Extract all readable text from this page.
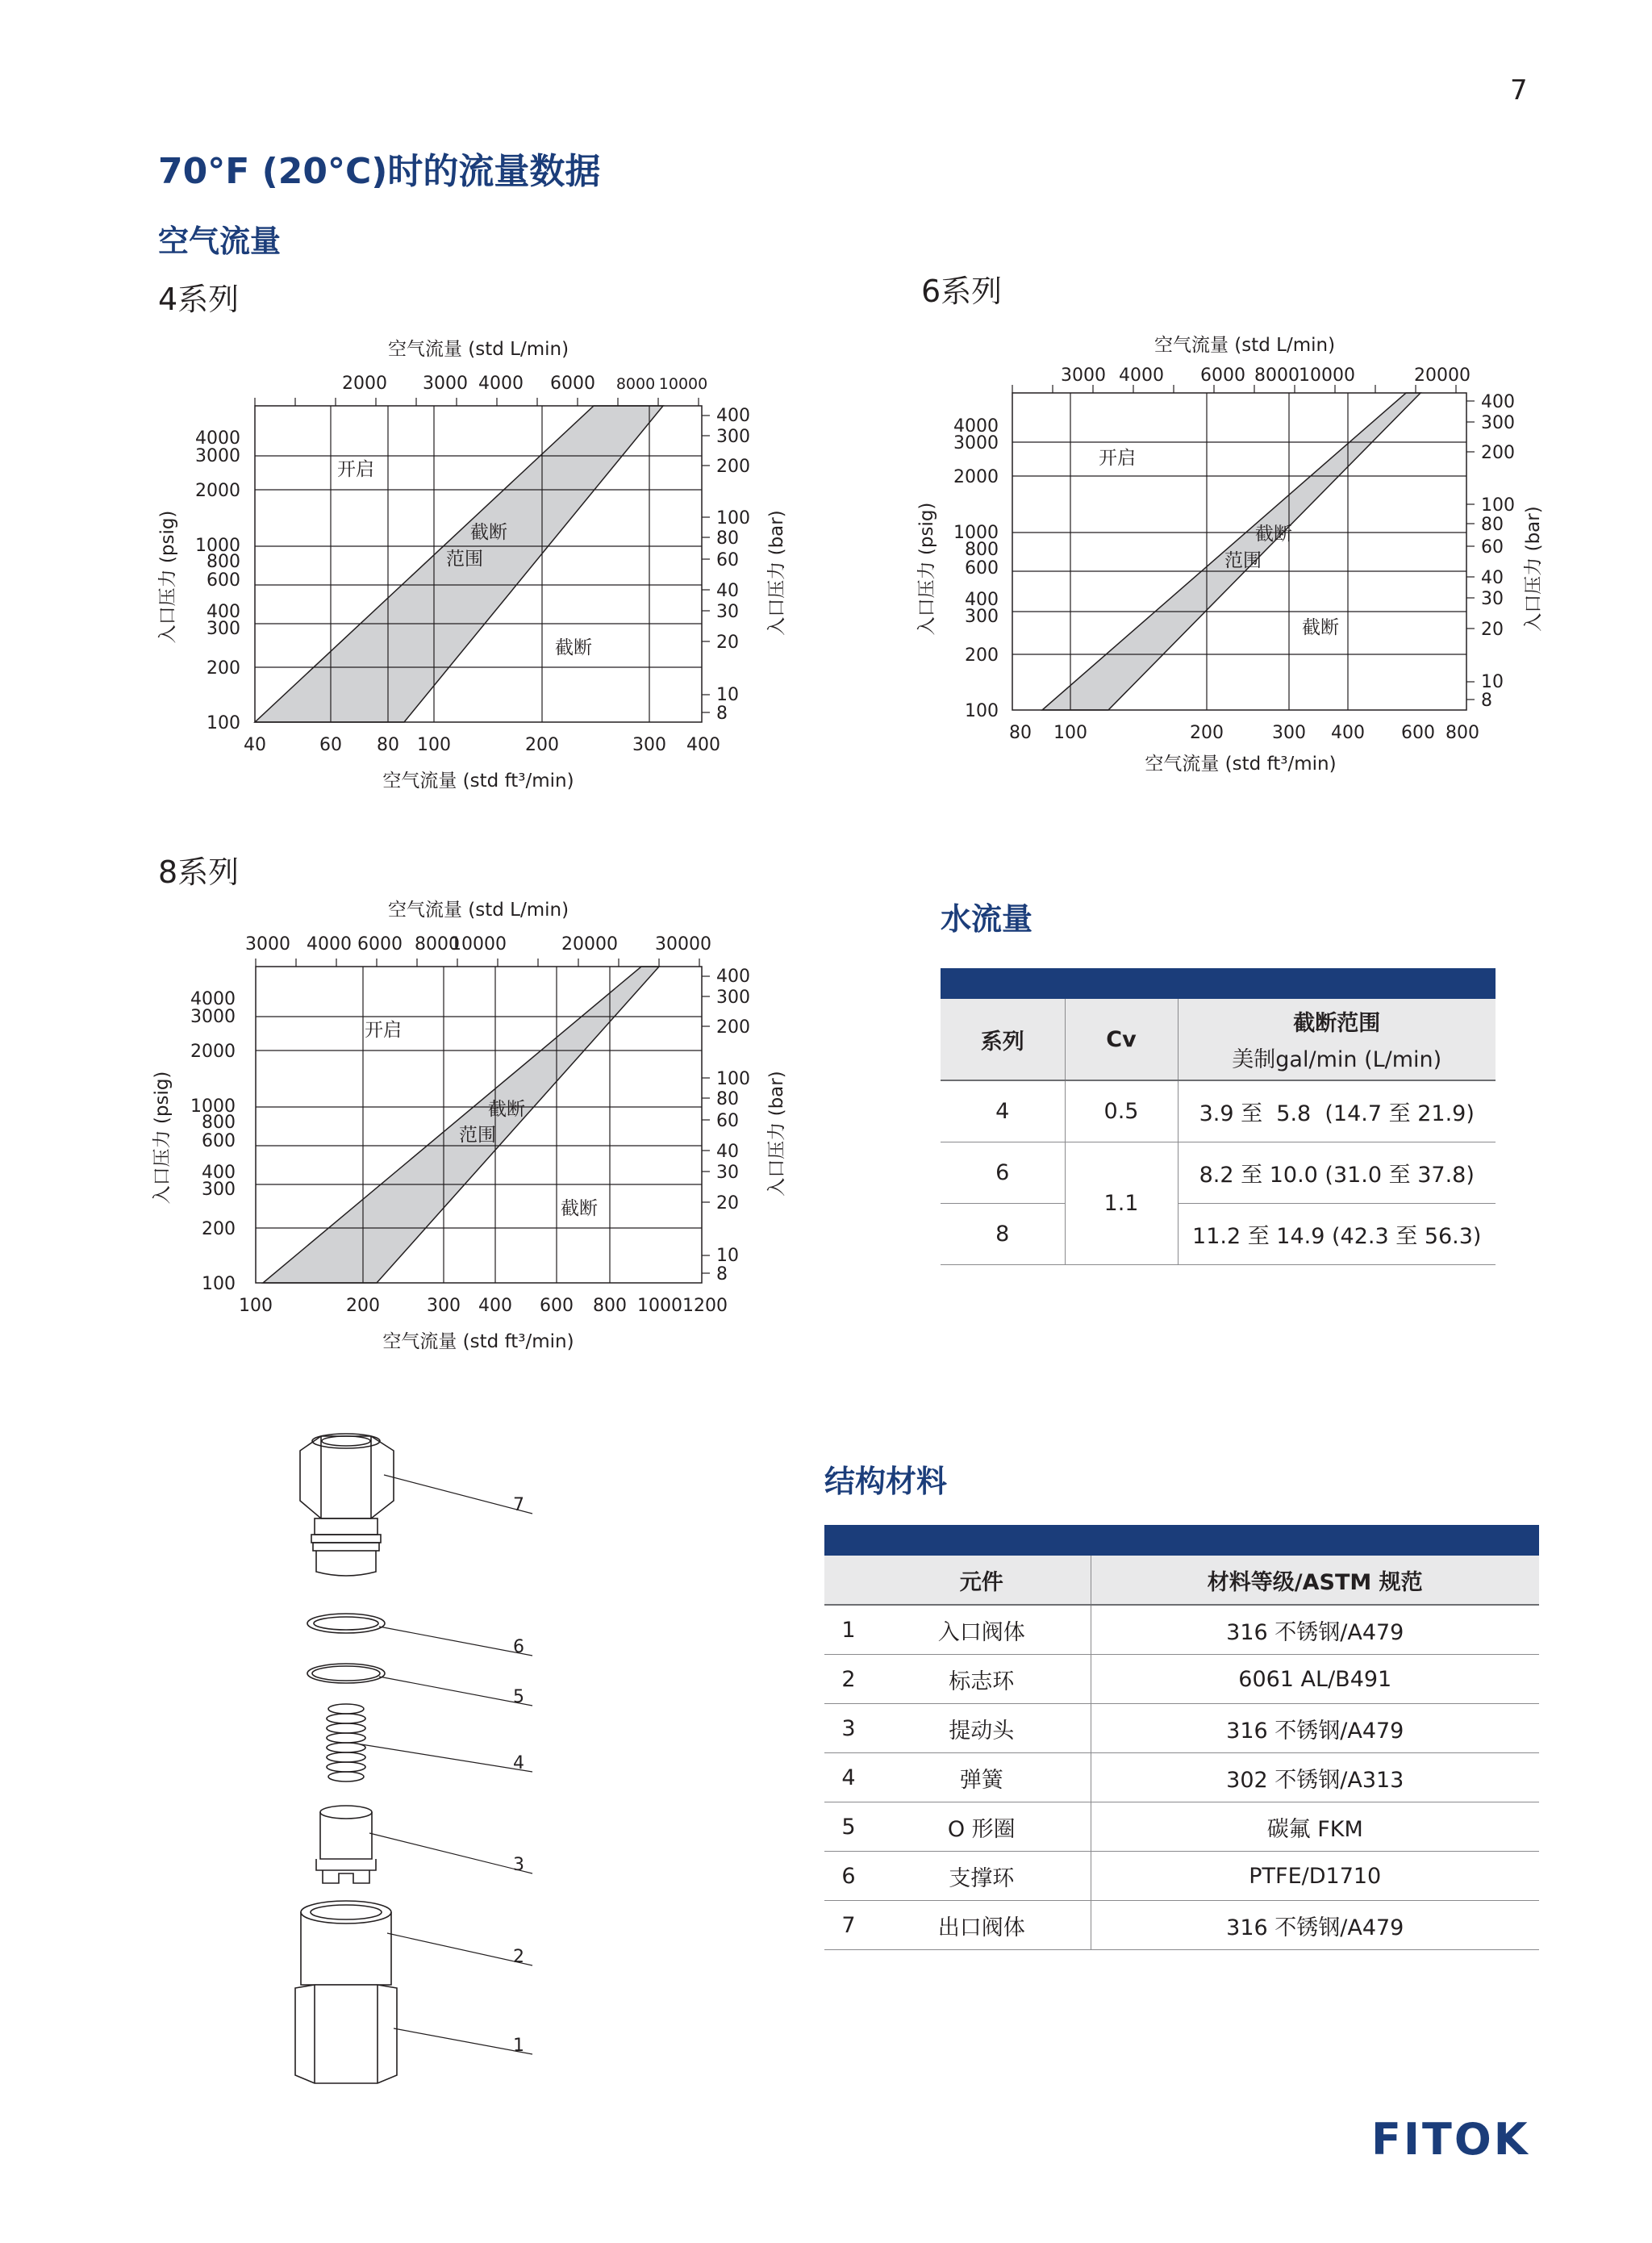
7
70°F (20°C)时的流量数据
空气流量
4系列	6系列
8系列
空气流量 (std L/min)
2000 3000 4000 6000 8000 10000
40	60 80 100	200	300 400
空气流量 (std ft³/min)
100
200
300
400
600
800
1000
2000
3000
4000
8
10
20
30
40
60
80
100
200
300
400
入口压力 (psig)	入口压力 (bar)
开启
截断
范围
截断
空气流量 (std L/min)
3000 4000 6000 8000 10000	20000
80 100	200	300 400 600 800
空气流量 (std ft³/min)
100
200
300
400
600
800
1000
2000
3000
4000
8
10
20
30
40
60
80
100
200
300
400
入口压力 (psig)	入口压力 (bar)
开启
截断
范围
截断
空气流量 (std L/min)
3000 4000 6000 8000
10000	20000 30000
100	200	300 400 600 800 1000 1200
空气流量 (std ft³/min)
100
200
300
400
600
800
1000
2000
3000
4000
8
10
20
30
40
60
80
100
200
300
400
入口压力 (psig)	入口压力 (bar)
开启
截断
范围
截断
水流量

系列	Cv	截断范围
美制gal/min (L/min)

4	0.5	3.9 至  5.8  (14.7 至 21.9)
6	1.1	8.2 至 10.0 (31.0 至 37.8)
8		11.2 至 14.9 (42.3 至 56.3)
7
6
5
4
3
2
1
结构材料

	元件	材料等级/ASTM 规范
1	入口阀体	316 不锈钢/A479
2	标志环	6061 AL/B491
3	提动头	316 不锈钢/A479
4	弹簧	302 不锈钢/A313
5	O 形圈	碳氟 FKM
6	支撑环	PTFE/D1710
7	出口阀体	316 不锈钢/A479
FITOK
